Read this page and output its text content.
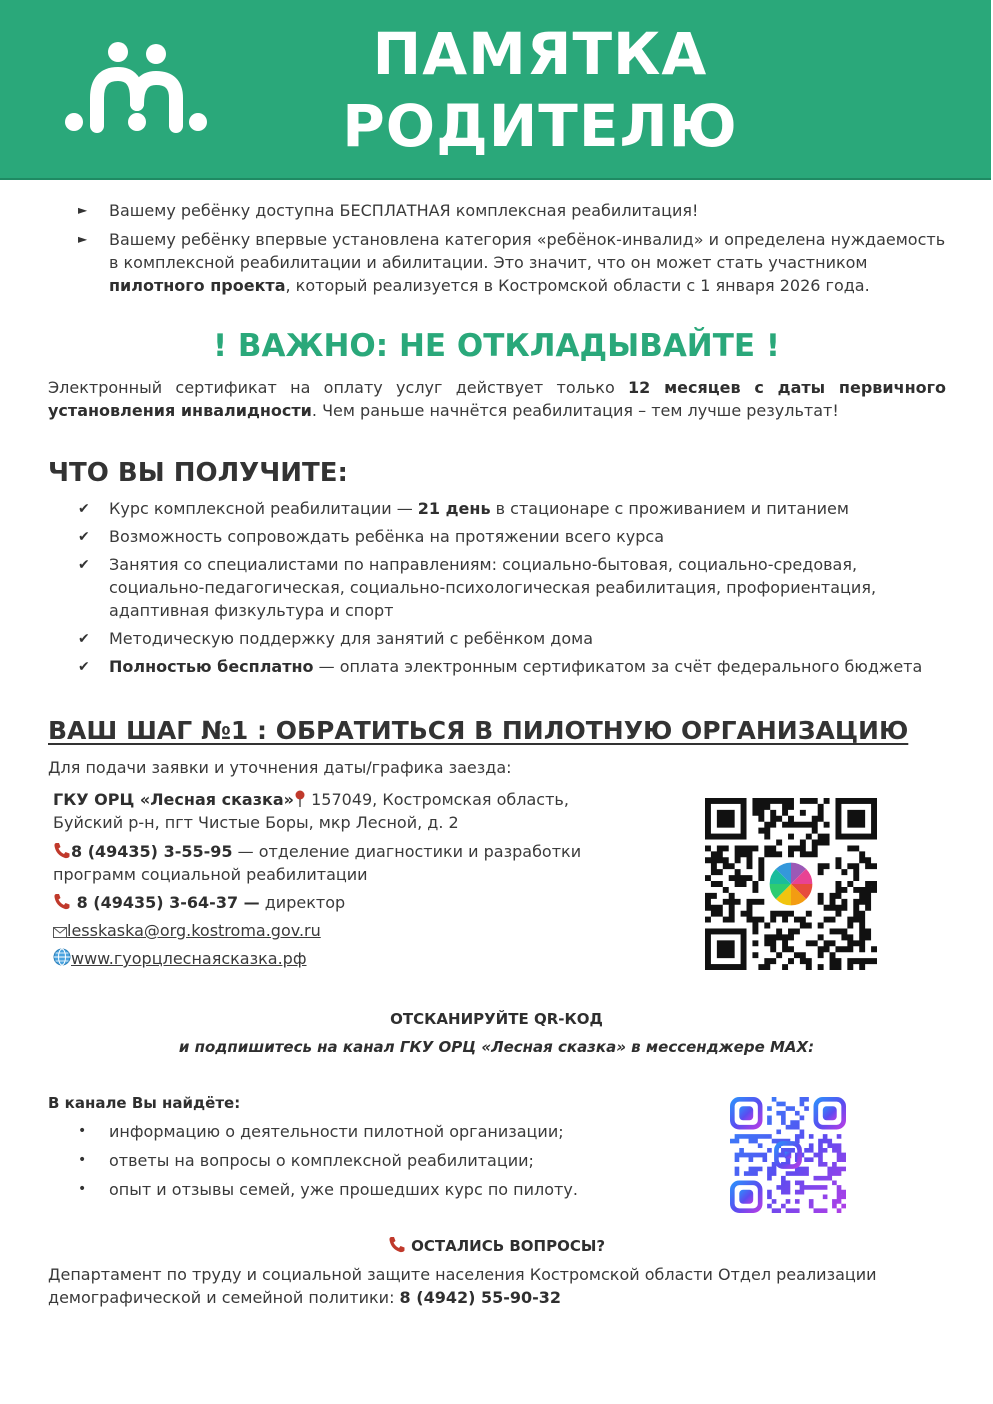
ПАМЯТКА
РОДИТЕЛЮ
► Вашему ребёнку доступна БЕСПЛАТНАЯ комплексная реабилитация!
► Вашему ребёнку впервые установлена категория «ребёнок-инвалид» и определена нуждаемость в комплексной реабилитации и абилитации. Это значит, что он может стать участником пилотного проекта, который реализуется в Костромской области с 1 января 2026 года.
! ВАЖНО: НЕ ОТКЛАДЫВАЙТЕ !
Электронный сертификат на оплату услуг действует только 12 месяцев с даты первичного установления инвалидности. Чем раньше начнётся реабилитация – тем лучше результат!
ЧТО ВЫ ПОЛУЧИТЕ:
✔ Курс комплексной реабилитации — 21 день в стационаре с проживанием и питанием
✔ Возможность сопровождать ребёнка на протяжении всего курса
✔ Занятия со специалистами по направлениям: социально-бытовая, социально-средовая, социально-педагогическая, социально-психологическая реабилитация, профориентация, адаптивная физкультура и спорт
✔ Методическую поддержку для занятий с ребёнком дома
✔ Полностью бесплатно — оплата электронным сертификатом за счёт федерального бюджета
ВАШ ШАГ №1 : ОБРАТИТЬСЯ В ПИЛОТНУЮ ОРГАНИЗАЦИЮ
Для подачи заявки и уточнения даты/графика заезда:
ГКУ ОРЦ «Лесная сказка» 157049, Костромская область,
Буйский р-н, пгт Чистые Боры, мкр Лесной, д. 2
8 (49435) 3-55-95 — отделение диагностики и разработки
программ социальной реабилитации
8 (49435) 3-64-37 — директор
lesskaska@org.kostroma.gov.ru
www.гуорцлеснаясказка.рф
ОТСКАНИРУЙТЕ QR-КОД
и подпишитесь на канал ГКУ ОРЦ «Лесная сказка» в мессенджере MAX:
В канале Вы найдёте:
• информацию о деятельности пилотной организации;
• ответы на вопросы о комплексной реабилитации;
• опыт и отзывы семей, уже прошедших курс по пилоту.
ОСТАЛИСЬ ВОПРОСЫ?
Департамент по труду и социальной защите населения Костромской области Отдел реализации демографической и семейной политики: 8 (4942) 55-90-32
